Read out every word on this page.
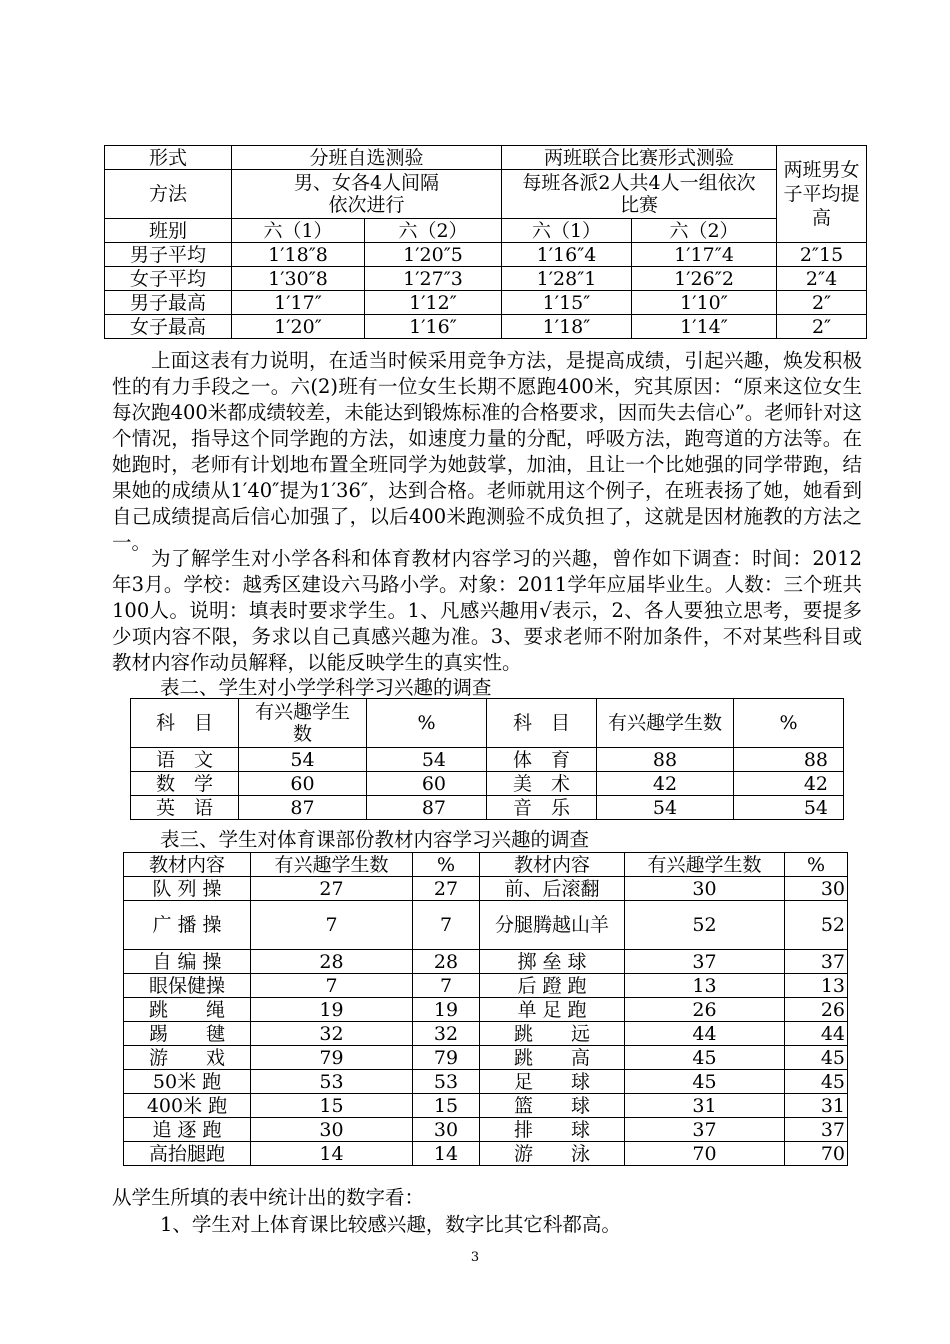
形式	分班自选测验		两班联合比赛形式测验		两班男女子平均提高
方法	男、女各4人间隔依次进行		每班各派2人共4人一组依次比赛		
班别	六（1）	六（2）	六（1）	六（2）	
男子平均	1′18″8	1′20″5	1′16″4	1′17″4	2″15
女子平均	1′30″8	1′27″3	1′28″1	1′26″2	2″4
男子最高	1′17″	1′12″	1′15″	1′10″	2″
女子最高	1′20″	1′16″	1′18″	1′14″	2″

上面这表有力说明，在适当时候采用竞争方法，是提高成绩，引起兴趣，焕发积极性的有力手段之一。六(2)班有一位女生长期不愿跑400米，究其原因：“原来这位女生每次跑400米都成绩较差，未能达到锻炼标准的合格要求，因而失去信心”。老师针对这个情况，指导这个同学跑的方法，如速度力量的分配，呼吸方法，跑弯道的方法等。在她跑时，老师有计划地布置全班同学为她鼓掌，加油，且让一个比她强的同学带跑，结果她的成绩从1′40″提为1′36″，达到合格。老师就用这个例子，在班表扬了她，她看到自己成绩提高后信心加强了，以后400米跑测验不成负担了，这就是因材施教的方法之一。

为了解学生对小学各科和体育教材内容学习的兴趣，曾作如下调查：时间：2012年3月。学校：越秀区建设六马路小学。对象：2011学年应届毕业生。人数：三个班共100人。说明：填表时要求学生。1、凡感兴趣用√表示，2、各人要独立思考，要提多少项内容不限，务求以自己真感兴趣为准。3、要求老师不附加条件，不对某些科目或教材内容作动员解释，以能反映学生的真实性。

表二、学生对小学学科学习兴趣的调查

科　目	有兴趣学生数	%	科　目	有兴趣学生数	%
语　文	54	54	体　育	88	88
数　学	60	60	美　术	42	42
英　语	87	87	音　乐	54	54

表三、学生对体育课部份教材内容学习兴趣的调查

教材内容	有兴趣学生数	%	教材内容	有兴趣学生数	%
队 列 操	27	27	前、后滚翻	30	30
广 播 操	7	7	分腿腾越山羊	52	52
自 编 操	28	28	掷 垒 球	37	37
眼保健操	7	7	后 蹬 跑	13	13
跳　　绳	19	19	单 足 跑	26	26
踢　　毽	32	32	跳　　远	44	44
游　　戏	79	79	跳　　高	45	45
50米 跑	53	53	足　　球	45	45
400米 跑	15	15	篮　　球	31	31
追 逐 跑	30	30	排　　球	37	37
高抬腿跑	14	14	游　　泳	70	70

从学生所填的表中统计出的数字看：

1、学生对上体育课比较感兴趣，数字比其它科都高。

3
